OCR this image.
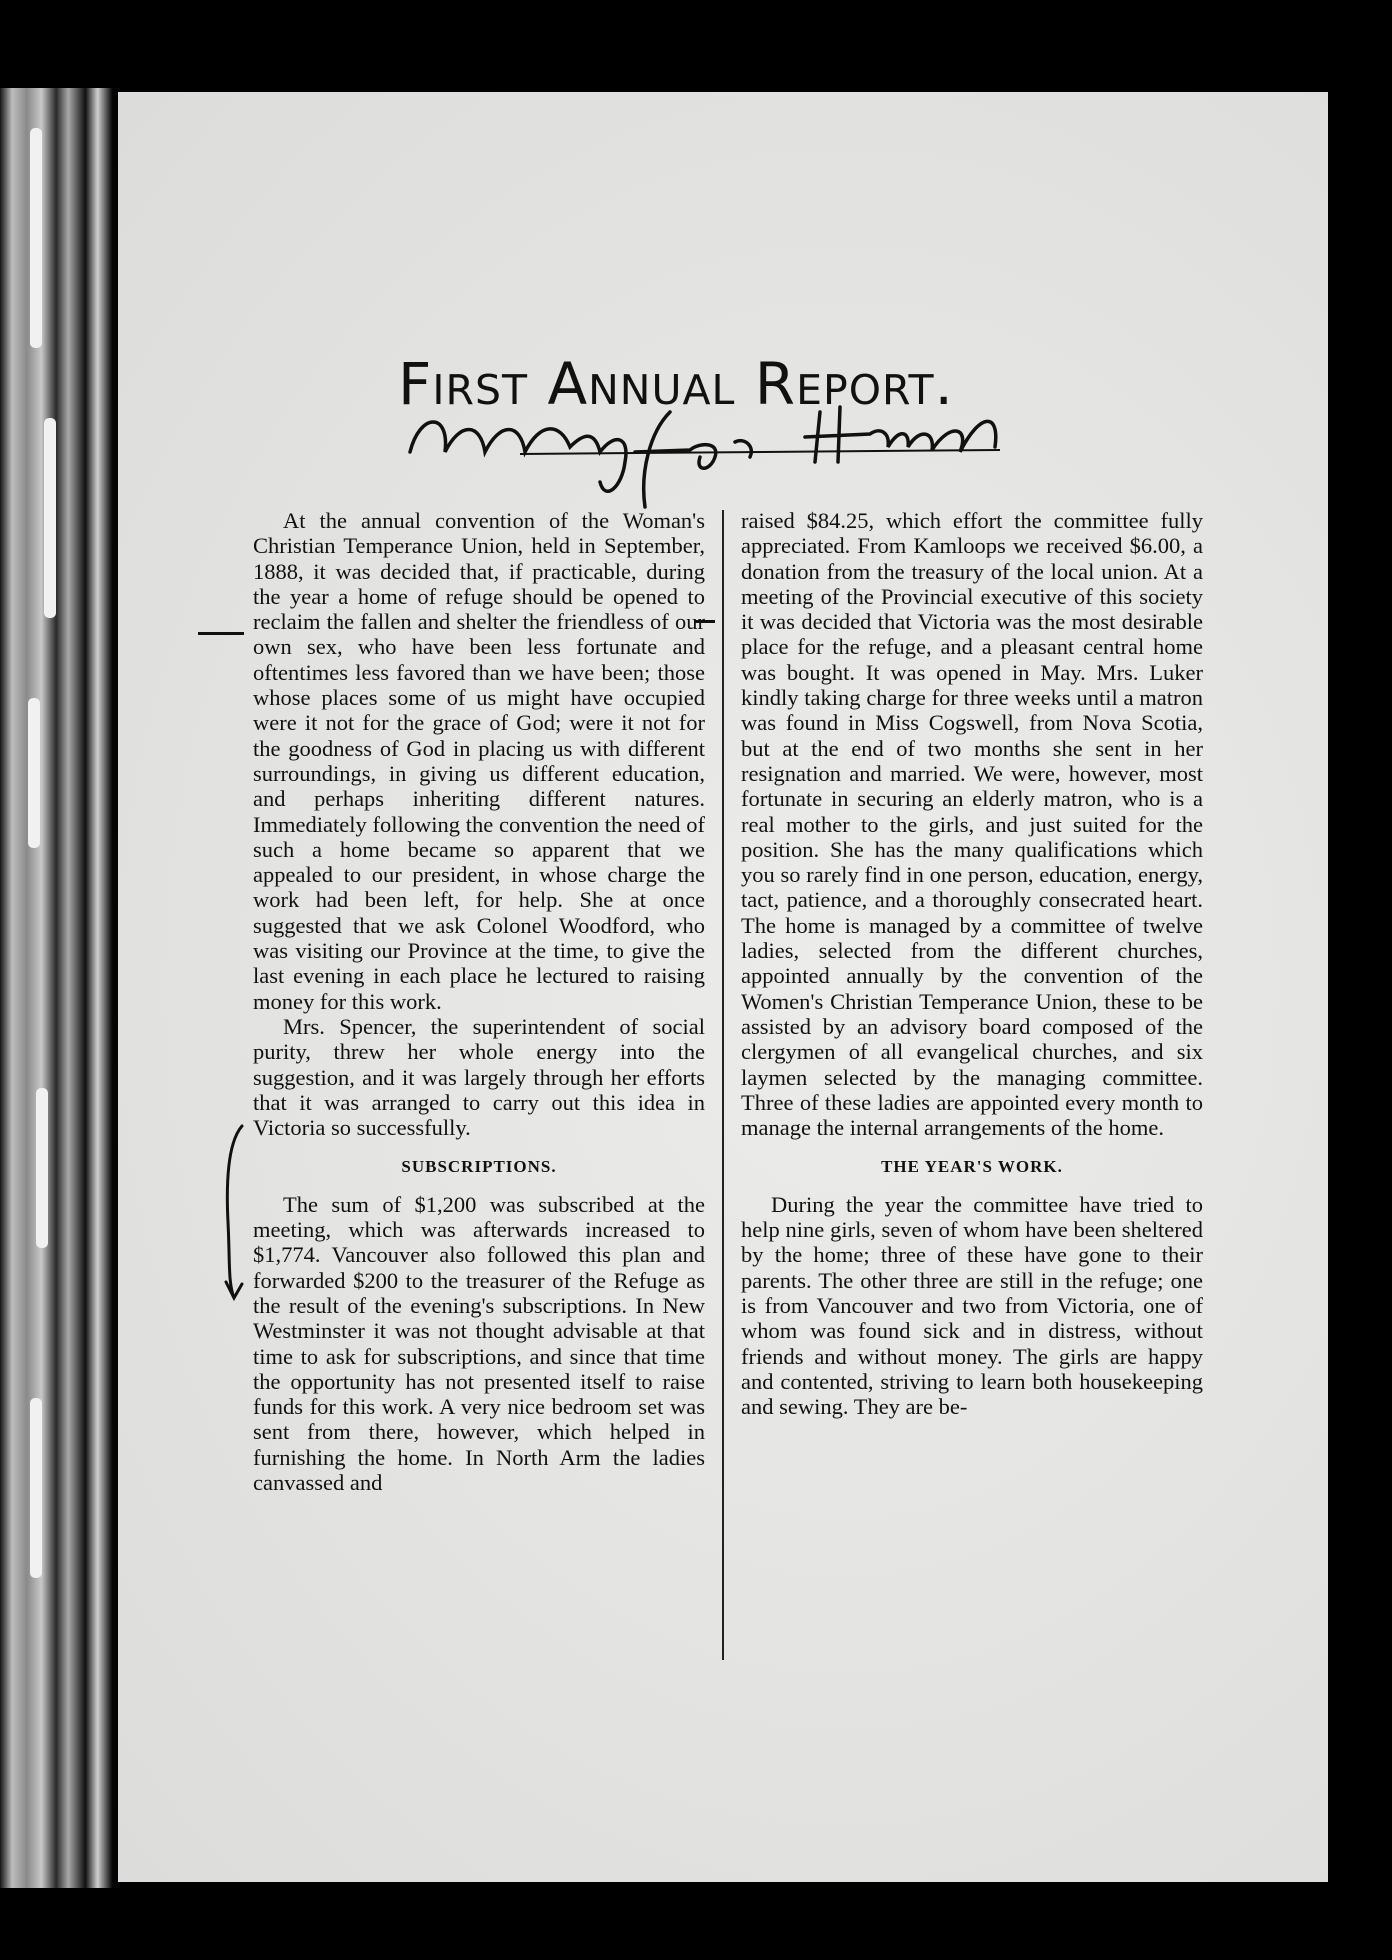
First Annual Report.

At the annual convention of the Woman's Christian Temperance Union, held in September, 1888, it was decided that, if practicable, during the year a home of refuge should be opened to reclaim the fallen and shelter the friendless of our own sex, who have been less fortunate and oftentimes less favored than we have been; those whose places some of us might have occupied were it not for the grace of God; were it not for the goodness of God in placing us with different surroundings, in giving us different education, and perhaps inheriting different natures. Immediately following the convention the need of such a home became so apparent that we appealed to our president, in whose charge the work had been left, for help. She at once suggested that we ask Colonel Woodford, who was visiting our Province at the time, to give the last evening in each place he lectured to raising money for this work.

Mrs. Spencer, the superintendent of social purity, threw her whole energy into the suggestion, and it was largely through her efforts that it was arranged to carry out this idea in Victoria so successfully.

SUBSCRIPTIONS.

The sum of $1,200 was subscribed at the meeting, which was afterwards increased to $1,774. Vancouver also followed this plan and forwarded $200 to the treasurer of the Refuge as the result of the evening's subscriptions. In New Westminster it was not thought advisable at that time to ask for subscriptions, and since that time the opportunity has not presented itself to raise funds for this work. A very nice bedroom set was sent from there, however, which helped in furnishing the home. In North Arm the ladies canvassed and

raised $84.25, which effort the committee fully appreciated. From Kamloops we received $6.00, a donation from the treasury of the local union. At a meeting of the Provincial executive of this society it was decided that Victoria was the most desirable place for the refuge, and a pleasant central home was bought. It was opened in May. Mrs. Luker kindly taking charge for three weeks until a matron was found in Miss Cogswell, from Nova Scotia, but at the end of two months she sent in her resignation and married. We were, however, most fortunate in securing an elderly matron, who is a real mother to the girls, and just suited for the position. She has the many qualifications which you so rarely find in one person, education, energy, tact, patience, and a thoroughly consecrated heart. The home is managed by a committee of twelve ladies, selected from the different churches, appointed annually by the convention of the Women's Christian Temperance Union, these to be assisted by an advisory board composed of the clergymen of all evangelical churches, and six laymen selected by the managing committee. Three of these ladies are appointed every month to manage the internal arrangements of the home.

THE YEAR'S WORK.

During the year the committee have tried to help nine girls, seven of whom have been sheltered by the home; three of these have gone to their parents. The other three are still in the refuge; one is from Vancouver and two from Victoria, one of whom was found sick and in distress, without friends and without money. The girls are happy and contented, striving to learn both housekeeping and sewing. They are be-
